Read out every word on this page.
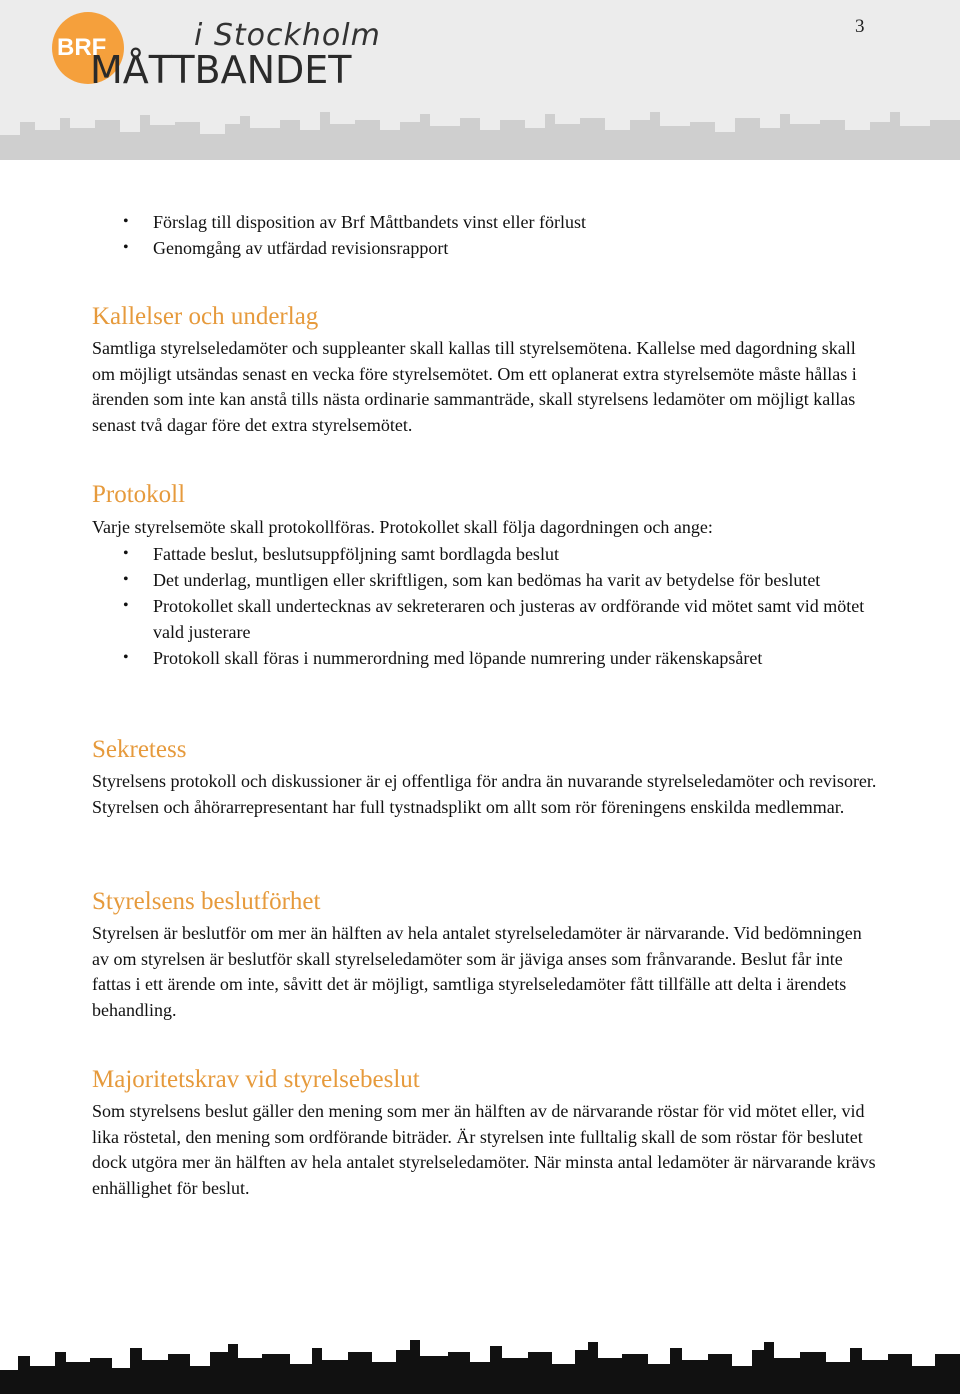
BRF	i Stockholm
MÅTTBANDET
3
• Förslag till disposition av Brf Måttbandets vinst eller förlust
• Genomgång av utfärdad revisionsrapport
Kallelser och underlag

Samtliga styrelseledamöter och suppleanter skall kallas till styrelsemötena. Kallelse med dagordning skall om möjligt utsändas senast en vecka före styrelsemötet. Om ett oplanerat extra styrelsemöte måste hållas i ärenden som inte kan anstå tills nästa ordinarie sammanträde, skall styrelsens ledamöter om möjligt kallas senast två dagar före det extra styrelsemötet.

Protokoll

Varje styrelsemöte skall protokollföras. Protokollet skall följa dagordningen och ange:

• Fattade beslut, beslutsuppföljning samt bordlagda beslut
• Det underlag, muntligen eller skriftligen, som kan bedömas ha varit av betydelse för beslutet
• Protokollet skall undertecknas av sekreteraren och justeras av ordförande vid mötet samt vid mötet vald justerare
• Protokoll skall föras i nummerordning med löpande numrering under räkenskapsåret
Sekretess

Styrelsens protokoll och diskussioner är ej offentliga för andra än nuvarande styrelseledamöter och revisorer. Styrelsen och åhörarrepresentant har full tystnadsplikt om allt som rör föreningens enskilda medlemmar.

Styrelsens beslutförhet

Styrelsen är beslutför om mer än hälften av hela antalet styrelseledamöter är närvarande. Vid bedömningen av om styrelsen är beslutför skall styrelseledamöter som är jäviga anses som frånvarande. Beslut får inte fattas i ett ärende om inte, såvitt det är möjligt, samtliga styrelseledamöter fått tillfälle att delta i ärendets behandling.

Majoritetskrav vid styrelsebeslut

Som styrelsens beslut gäller den mening som mer än hälften av de närvarande röstar för vid mötet eller, vid lika röstetal, den mening som ordförande biträder. Är styrelsen inte fulltalig skall de som röstar för beslutet dock utgöra mer än hälften av hela antalet styrelseledamöter. När minsta antal ledamöter är närvarande krävs enhällighet för beslut.
